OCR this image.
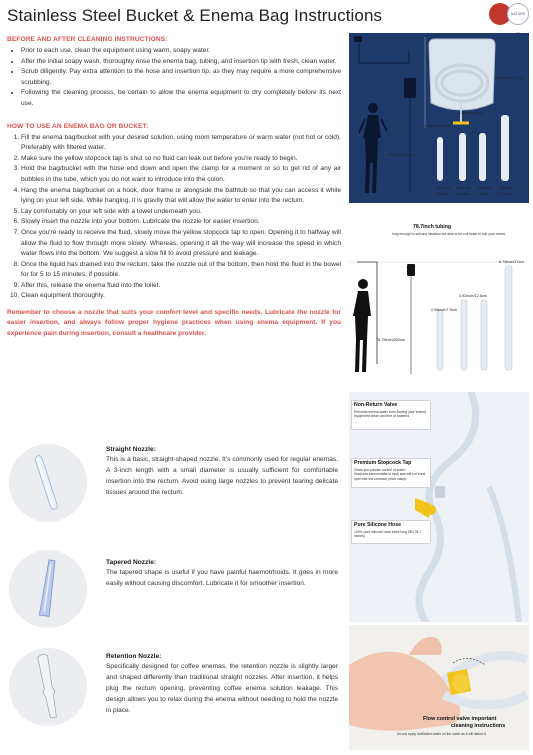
Stainless Steel Bucket & Enema Bag Instructions	NATURE
BEFORE AND AFTER CLEANING INSTRUCTIONS:
• Prior to each use, clean the equipment using warm, soapy water.
• After the initial soapy wash, thoroughly rinse the enema bag, tubing, and insertion tip with fresh, clean water.
• Scrub diligently. Pay extra attention to the hose and insertion tip, as they may require a more comprehensive scrubbing.
• Following the cleaning process, be certain to allow the enema equipment to dry completely before its next use.
HOW TO USE AN ENEMA BAG OR BUCKET:
1. Fill the enema bag/bucket with your desired solution, using room temperature or warm water (not hot or cold). Preferably with filtered water.
2. Make sure the yellow stopcock tap is shut so no fluid can leak out before you're ready to begin.
3. Hold the bag/bucket with the hose end down and open the clamp for a moment or so to get rid of any air bubbles in the tube, which you do not want to introduce into the colon.
4. Hang the enema bag/bucket on a hook, door frame or alongside the bathtub so that you can access it while lying on your left side. While hanging, it is gravity that will allow the water to enter into the rectum.
5. Lay comfortably on your left side with a towel underneath you.
6. Slowly insert the nozzle into your bottom. Lubricate the nozzle for easier insertion.
7. Once you're ready to receive the fluid, slowly move the yellow stopcock tap to open. Opening it to halfway will allow the fluid to flow through more slowly. Whereas, opening it all the way will increase the speed in which water flows into the bottom. We suggest a slow fill to avoid pressure and leakage.
8. Once the liquid has drained into the rectum, take the nozzle out of the bottom, then hold the fluid in the bowel for for 5 to 15 minutes, if possible.
9. After this, release the enema fluid into the toilet.
10. Clean equipment thoroughly.
Remember to choose a nozzle that suits your comfort level and specific needs. Lubricate the nozzle for easier insertion, and always follow proper hygiene practices when using enema equipment. If you experience pain during insertion, consult a healthcare provider.
Straight Nozzle:
This is a basic, straight-shaped nozzle. It's commonly used for regular enemas. A 3-inch length with a small diameter is usually sufficient for comfortable insertion into the rectum. Avoid using large nozzles to prevent tearing delicate tissues around the rectum.
Tapered Nozzle:
The tapered shape is useful if you have painful haemorrhoids. It goes in more easily without causing discomfort. Lubricate it for smoother insertion.
Retention Nozzle:
Specifically designed for coffee enemas, the retention nozzle is slightly larger and shaped differently than traditional straight nozzles. After insertion, it helps plug the rectum opening, preventing coffee enema solution leakage. This design allows you to relax during the enema without needing to hold the nozzle in place.
5.79inch/14.7cm
6.33inch/11cm
2.95inch/7.5cm
59inch/150cm
0.27inch 0.49inch 0.49inch 0.31inch
0.69cm 1.24cm 1.24cm	0.79cm
78.7inch tubing
long enough to suit any situation but able to be coil down to suit your needs.
6.79inch/17cm
4.92inch/12.5cm
2.95inch/7.5cm
78.75inch/200cm
Non-Return Valve
Prevents enema water form flowing your enema equipment clean and free of bacteria.
Premium Stopcock Tap
Gives you precise control of water flow(slow,intermediate,or fast) and will not burst open like the common pinch clamp.
Pure Silicone Hose
100% pure silicone hose extra long 2M (78.7 inches)
Flow control valve important
cleaning instructions
Do not apply hot/boiled water on the valve as it will distort it.
